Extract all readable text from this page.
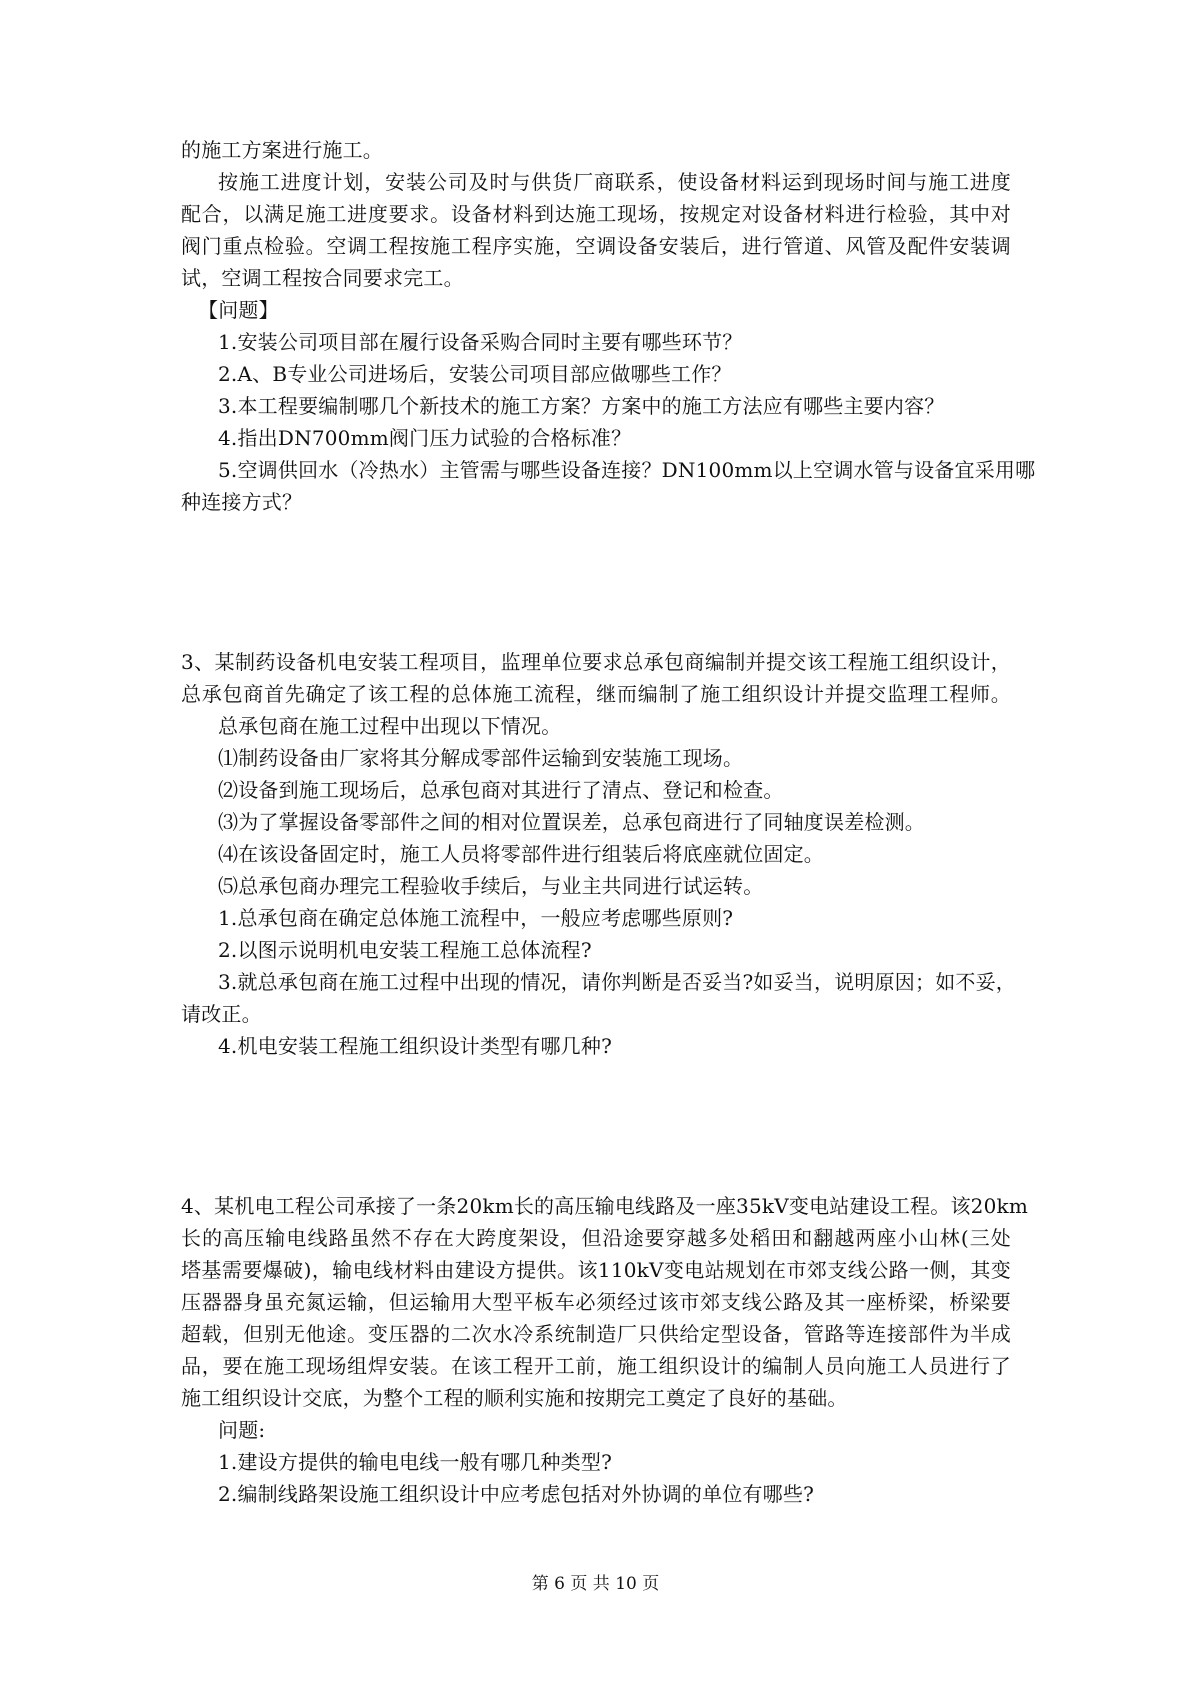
的施工方案进行施工。
按施工进度计划，安装公司及时与供货厂商联系，使设备材料运到现场时间与施工进度
配合，以满足施工进度要求。设备材料到达施工现场，按规定对设备材料进行检验，其中对
阀门重点检验。空调工程按施工程序实施，空调设备安装后，进行管道、风管及配件安装调
试，空调工程按合同要求完工。
【问题】
1.安装公司项目部在履行设备采购合同时主要有哪些环节？
2.A、B专业公司进场后，安装公司项目部应做哪些工作？
3.本工程要编制哪几个新技术的施工方案？方案中的施工方法应有哪些主要内容？
4.指出DN700mm阀门压力试验的合格标准？
5.空调供回水（冷热水）主管需与哪些设备连接？DN100mm以上空调水管与设备宜采用哪
种连接方式？
3、某制药设备机电安装工程项目，监理单位要求总承包商编制并提交该工程施工组织设计，
总承包商首先确定了该工程的总体施工流程，继而编制了施工组织设计并提交监理工程师。
总承包商在施工过程中出现以下情况。
⑴制药设备由厂家将其分解成零部件运输到安装施工现场。
⑵设备到施工现场后，总承包商对其进行了清点、登记和检查。
⑶为了掌握设备零部件之间的相对位置误差，总承包商进行了同轴度误差检测。
⑷在该设备固定时，施工人员将零部件进行组装后将底座就位固定。
⑸总承包商办理完工程验收手续后，与业主共同进行试运转。
1.总承包商在确定总体施工流程中，一般应考虑哪些原则?
2.以图示说明机电安装工程施工总体流程?
3.就总承包商在施工过程中出现的情况，请你判断是否妥当?如妥当，说明原因；如不妥，
请改正。
4.机电安装工程施工组织设计类型有哪几种?
4、某机电工程公司承接了一条20km长的高压输电线路及一座35kV变电站建设工程。该20km
长的高压输电线路虽然不存在大跨度架设，但沿途要穿越多处稻田和翻越两座小山林(三处
塔基需要爆破)，输电线材料由建设方提供。该110kV变电站规划在市郊支线公路一侧，其变
压器器身虽充氮运输，但运输用大型平板车必须经过该市郊支线公路及其一座桥梁，桥梁要
超载，但别无他途。变压器的二次水冷系统制造厂只供给定型设备，管路等连接部件为半成
品，要在施工现场组焊安装。在该工程开工前，施工组织设计的编制人员向施工人员进行了
施工组织设计交底，为整个工程的顺利实施和按期完工奠定了良好的基础。
问题:
1.建设方提供的输电电线一般有哪几种类型?
2.编制线路架设施工组织设计中应考虑包括对外协调的单位有哪些?
第 6 页 共 10 页
